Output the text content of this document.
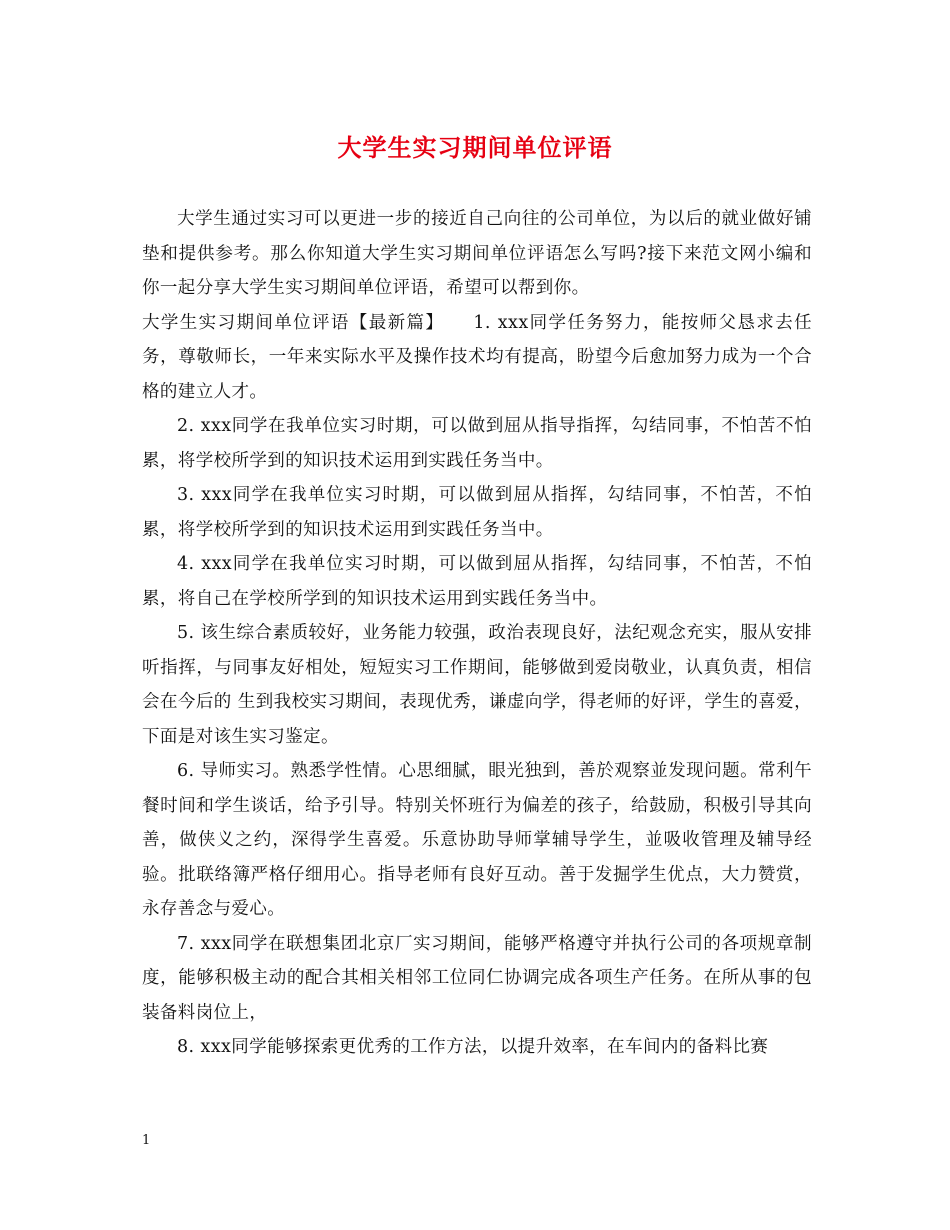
大学生实习期间单位评语

大学生通过实习可以更进一步的接近自己向往的公司单位，为以后的就业做好铺垫和提供参考。那么你知道大学生实习期间单位评语怎么写吗?接下来范文网小编和你一起分享大学生实习期间单位评语，希望可以帮到你。

大学生实习期间单位评语【最新篇】　　1. xxx同学任务努力，能按师父恳求去任务，尊敬师长，一年来实际水平及操作技术均有提高，盼望今后愈加努力成为一个合格的建立人才。

2. xxx同学在我单位实习时期，可以做到屈从指导指挥，勾结同事，不怕苦不怕累，将学校所学到的知识技术运用到实践任务当中。

3. xxx同学在我单位实习时期，可以做到屈从指挥，勾结同事，不怕苦，不怕累，将学校所学到的知识技术运用到实践任务当中。

4. xxx同学在我单位实习时期，可以做到屈从指挥，勾结同事，不怕苦，不怕累，将自己在学校所学到的知识技术运用到实践任务当中。

5. 该生综合素质较好，业务能力较强，政治表现良好，法纪观念充实，服从安排听指挥，与同事友好相处，短短实习工作期间，能够做到爱岗敬业，认真负责，相信会在今后的 生到我校实习期间，表现优秀，谦虚向学，得老师的好评，学生的喜爱，下面是对该生实习鉴定。

6. 导师实习。熟悉学性情。心思细腻，眼光独到，善於观察並发现问题。常利午餐时间和学生谈话，给予引导。特别关怀班行为偏差的孩子，给鼓励，积极引导其向善，做侠义之约，深得学生喜爱。乐意协助导师掌辅导学生，並吸收管理及辅导经验。批联络簿严格仔细用心。指导老师有良好互动。善于发掘学生优点，大力赞赏，永存善念与爱心。

7. xxx同学在联想集团北京厂实习期间，能够严格遵守并执行公司的各项规章制度，能够积极主动的配合其相关相邻工位同仁协调完成各项生产任务。在所从事的包装备料岗位上，

8. xxx同学能够探索更优秀的工作方法，以提升效率，在车间内的备料比赛

1
